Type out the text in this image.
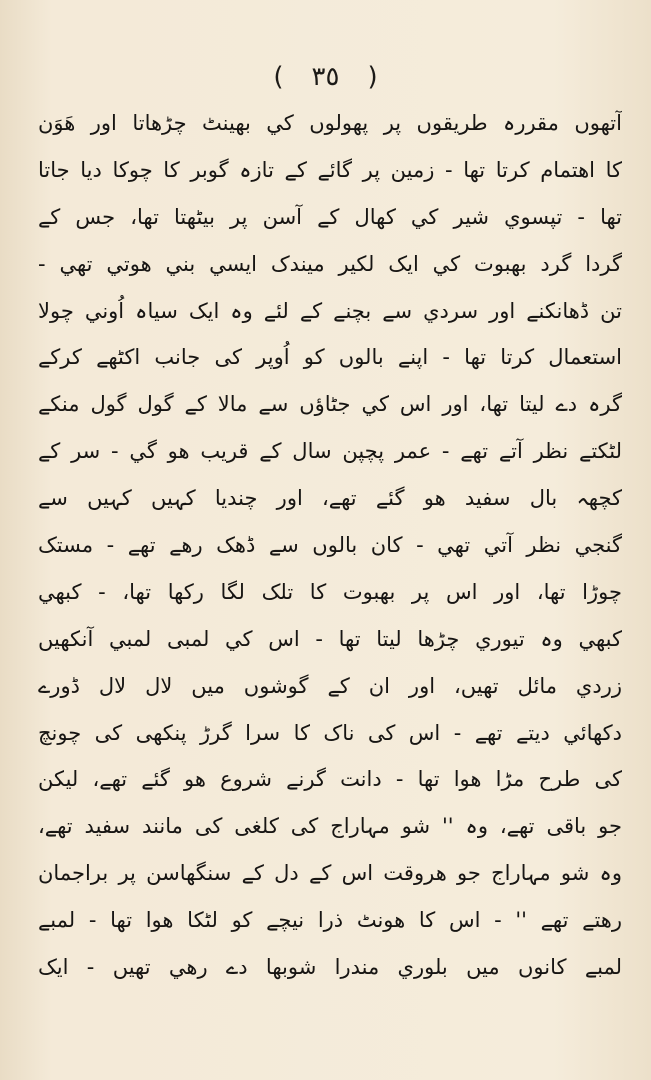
( ٣٥ )
آتھوں مقررہ طریقوں پر پھولوں کي بھینٹ چڑھاتا اور ھَوَن
کا اھتمام کرتا تھا - زمین پر گائے کے تازہ گوبر کا چوکا دیا جاتا
تھا - تپسوي شیر کي کھال کے آسن پر بیٹھتا تھا، جس کے
گردا گرد بھبوت کي ایک لکیر میندک ایسي بني ھوتي تھي -
تن ڈھانکنے اور سردي سے بچنے کے لئے وہ ایک سیاہ اُوني چولا
استعمال کرتا تھا - اپنے بالوں کو اُوپر کی جانب اکٹھے کرکے
گرہ دے لیتا تھا، اور اس کي جٹاؤں سے مالا کے گول گول منکے
لٹکتے نظر آتے تھے - عمر پچپن سال کے قریب ھو گي - سر کے
کچھہ بال سفید ھو گئے تھے، اور چندیا کہیں کہیں سے
گنجي نظر آتي تھي - کان بالوں سے ڈھک رھے تھے - مستک
چوڑا تھا، اور اس پر بھبوت کا تلک لگا رکھا تھا، - کبھي
کبھي وہ تیوري چڑھا لیتا تھا - اس کي لمبی لمبي آنکھیں
زردي مائل تھیں، اور ان کے گوشوں میں لال لال ڈورے
دکھائي دیتے تھے - اس کی ناک کا سرا گرڑ پنکھی کی چونچ
کی طرح مڑا ھوا تھا - دانت گرنے شروع ھو گئے تھے، لیکن
جو باقی تھے، وہ '' شو مہاراج کی کلغی کی مانند سفید تھے،
وہ شو مہاراج جو ھروقت اس کے دل کے سنگھاسن پر براجمان
رھتے تھے '' - اس کا ھونٹ ذرا نیچے کو لٹکا ھوا تھا - لمبے
لمبے کانوں میں بلوري مندرا شوبھا دے رھي تھیں - ایک
